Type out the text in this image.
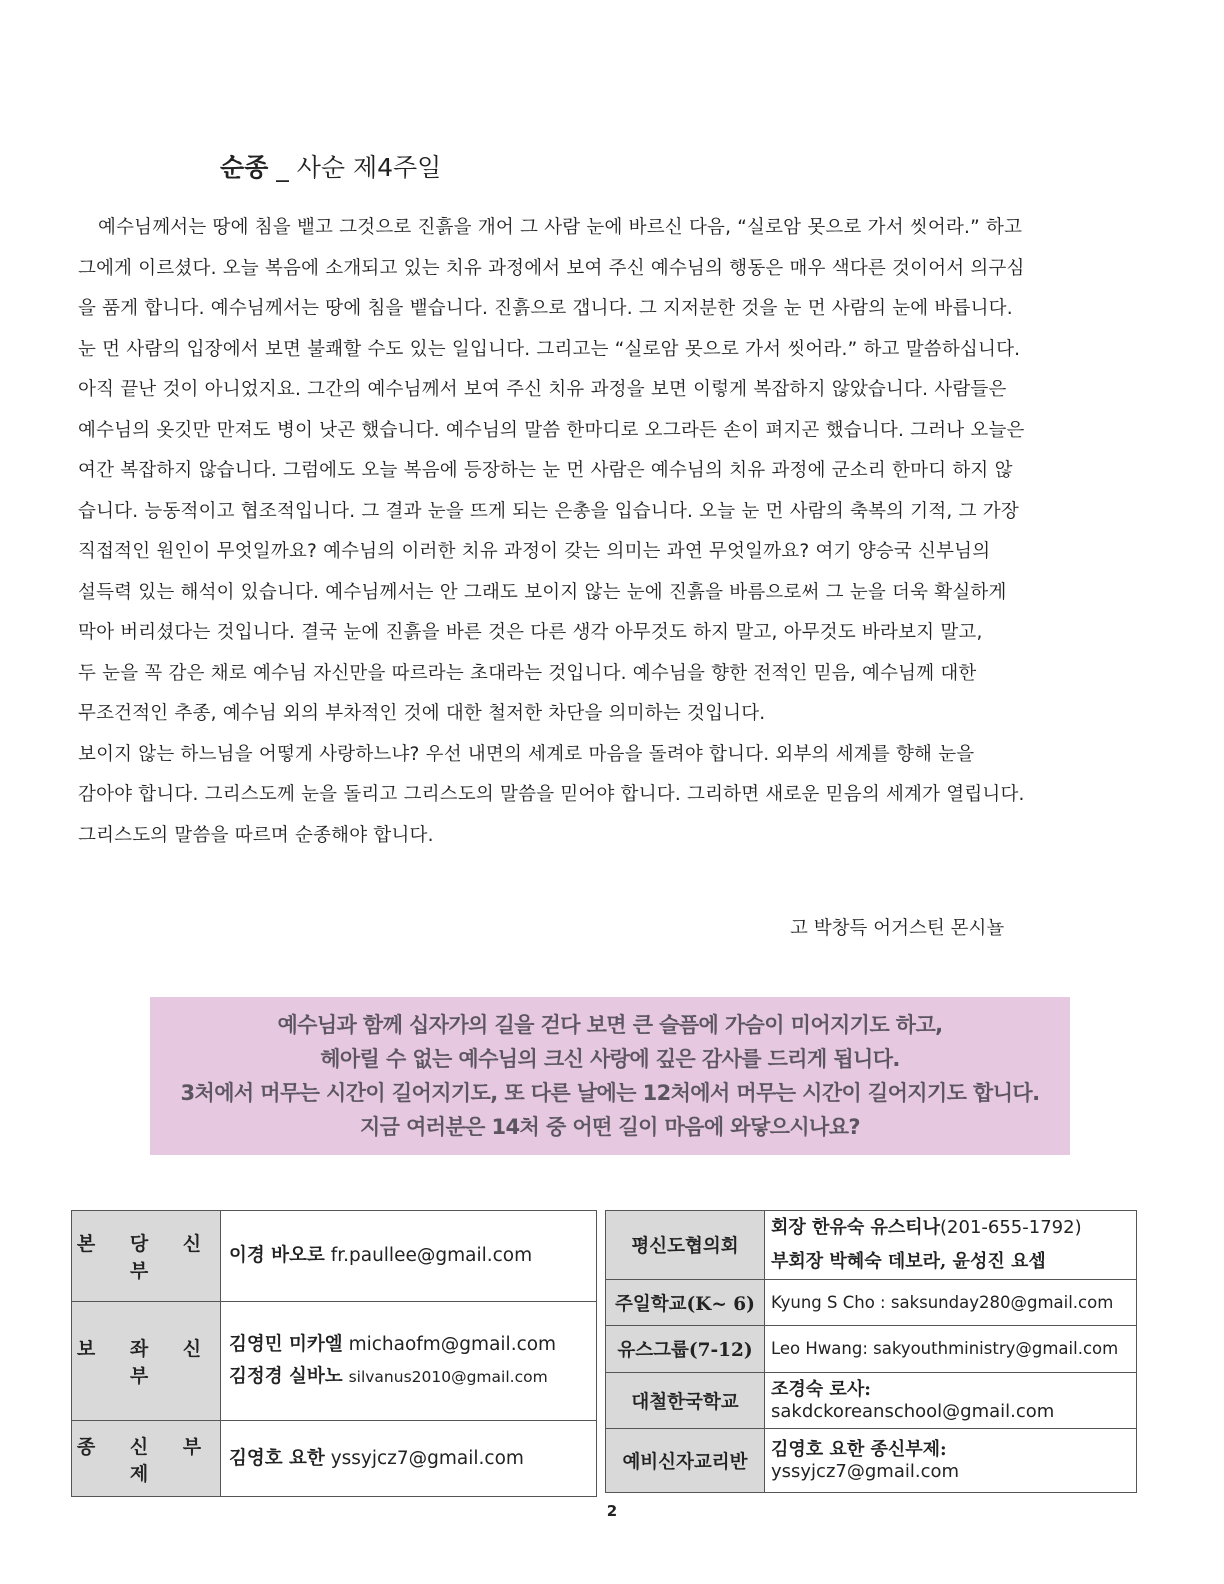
순종 _ 사순 제4주일
예수님께서는 땅에 침을 뱉고 그것으로 진흙을 개어 그 사람 눈에 바르신 다음, “실로암 못으로 가서 씻어라.” 하고
그에게 이르셨다. 오늘 복음에 소개되고 있는 치유 과정에서 보여 주신 예수님의 행동은 매우 색다른 것이어서 의구심
을 품게 합니다. 예수님께서는 땅에 침을 뱉습니다. 진흙으로 갭니다. 그 지저분한 것을 눈 먼 사람의 눈에 바릅니다.
눈 먼 사람의 입장에서 보면 불쾌할 수도 있는 일입니다. 그리고는 “실로암 못으로 가서 씻어라.” 하고 말씀하십니다.
아직 끝난 것이 아니었지요. 그간의 예수님께서 보여 주신 치유 과정을 보면 이렇게 복잡하지 않았습니다. 사람들은
예수님의 옷깃만 만져도 병이 낫곤 했습니다. 예수님의 말씀 한마디로 오그라든 손이 펴지곤 했습니다. 그러나 오늘은
여간 복잡하지 않습니다. 그럼에도 오늘 복음에 등장하는 눈 먼 사람은 예수님의 치유 과정에 군소리 한마디 하지 않
습니다. 능동적이고 협조적입니다. 그 결과 눈을 뜨게 되는 은총을 입습니다. 오늘 눈 먼 사람의 축복의 기적, 그 가장
직접적인 원인이 무엇일까요? 예수님의 이러한 치유 과정이 갖는 의미는 과연 무엇일까요? 여기 양승국 신부님의
설득력 있는 해석이 있습니다. 예수님께서는 안 그래도 보이지 않는 눈에 진흙을 바름으로써 그 눈을 더욱 확실하게
막아 버리셨다는 것입니다. 결국 눈에 진흙을 바른 것은 다른 생각 아무것도 하지 말고, 아무것도 바라보지 말고,
두 눈을 꼭 감은 채로 예수님 자신만을 따르라는 초대라는 것입니다. 예수님을 향한 전적인 믿음, 예수님께 대한
무조건적인 추종, 예수님 외의 부차적인 것에 대한 철저한 차단을 의미하는 것입니다.
보이지 않는 하느님을 어떻게 사랑하느냐? 우선 내면의 세계로 마음을 돌려야 합니다. 외부의 세계를 향해 눈을
감아야 합니다. 그리스도께 눈을 돌리고 그리스도의 말씀을 믿어야 합니다. 그리하면 새로운 믿음의 세계가 열립니다.
그리스도의 말씀을 따르며 순종해야 합니다.
고 박창득 어거스틴 몬시뇰
예수님과 함께 십자가의 길을 걷다 보면 큰 슬픔에 가슴이 미어지기도 하고,
헤아릴 수 없는 예수님의 크신 사랑에 깊은 감사를 드리게 됩니다.
3처에서 머무는 시간이 길어지기도, 또 다른 날에는 12처에서 머무는 시간이 길어지기도 합니다.
지금 여러분은 14처 중 어떤 길이 마음에 와닿으시나요?
본 당 신 부	이경 바오로 fr.paullee@gmail.com
보 좌 신 부	김영민 미카엘 michaofm@gmail.com
김정경 실바노 silvanus2010@gmail.com

종 신 부 제	김영호 요한 yssyjcz7@gmail.com
평신도협의회	회장 한유숙 유스티나(201-655-1792)
부회장 박혜숙 데보라, 윤성진 요셉

주일학교(K~ 6)	Kyung S Cho : saksunday280@gmail.com
유스그룹(7-12)	Leo Hwang: sakyouthministry@gmail.com
대철한국학교	조경숙 로사:
sakdckoreanschool@gmail.com

예비신자교리반	김영호 요한 종신부제:
yssyjcz7@gmail.com
2
